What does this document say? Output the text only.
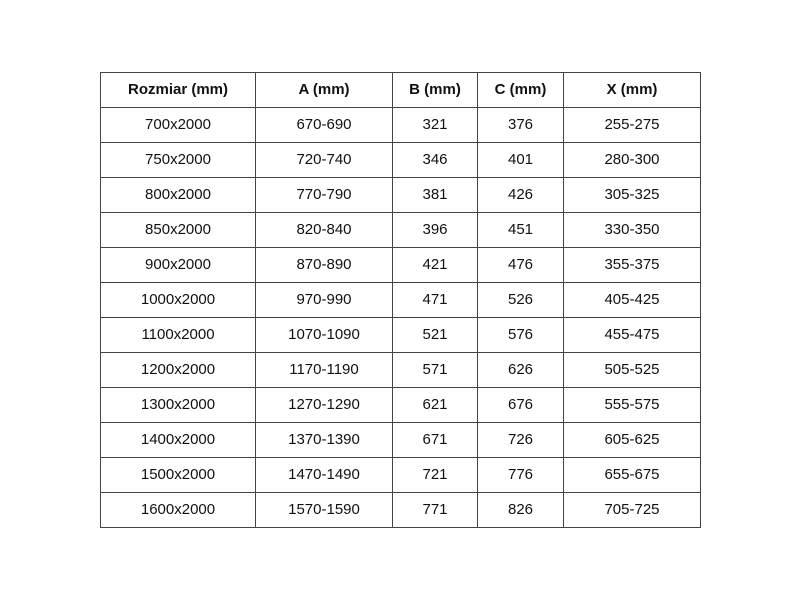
Rozmiar (mm)	A (mm)	B (mm)	C (mm)	X (mm)
700x2000	670-690	321	376	255-275
750x2000	720-740	346	401	280-300
800x2000	770-790	381	426	305-325
850x2000	820-840	396	451	330-350
900x2000	870-890	421	476	355-375
1000x2000	970-990	471	526	405-425
1100x2000	1070-1090	521	576	455-475
1200x2000	1170-1190	571	626	505-525
1300x2000	1270-1290	621	676	555-575
1400x2000	1370-1390	671	726	605-625
1500x2000	1470-1490	721	776	655-675
1600x2000	1570-1590	771	826	705-725
